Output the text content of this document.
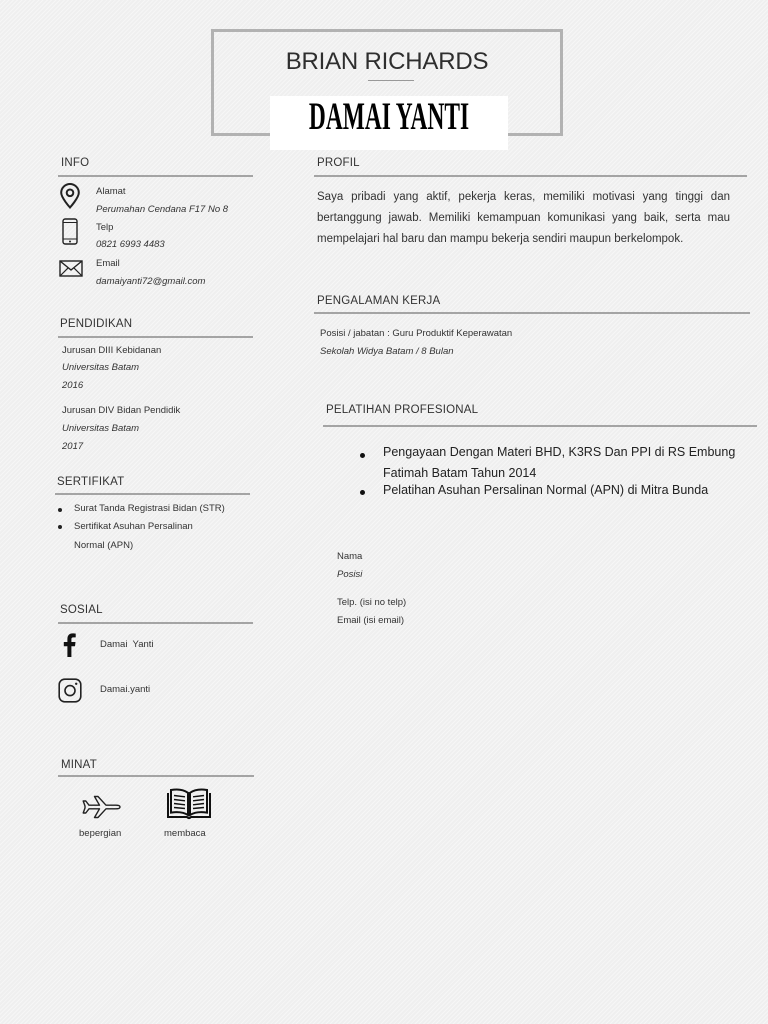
BRIAN RICHARDS
DAMAI YANTI
INFO
Alamat
Perumahan Cendana F17 No 8
Telp
0821 6993 4483
Email
damaiyanti72@gmail.com
PENDIDIKAN
Jurusan DIII Kebidanan
Universitas Batam
2016
Jurusan DIV Bidan Pendidik
Universitas Batam
2017
SERTIFIKAT
Surat Tanda Registrasi Bidan (STR)
Sertifikat Asuhan Persalinan
Normal (APN)
SOSIAL
Damai  Yanti
Damai.yanti
MINAT
bepergian	membaca
PROFIL
Saya pribadi yang aktif, pekerja keras, memiliki motivasi yang tinggi dan
bertanggung jawab. Memiliki kemampuan komunikasi yang baik, serta mau
mempelajari hal baru dan mampu bekerja sendiri maupun berkelompok.
PENGALAMAN KERJA
Posisi / jabatan : Guru Produktif Keperawatan
Sekolah Widya Batam / 8 Bulan
PELATIHAN PROFESIONAL
Pengayaan Dengan Materi BHD, K3RS Dan PPI di RS Embung
Fatimah Batam Tahun 2014
Pelatihan Asuhan Persalinan Normal (APN) di Mitra Bunda
Nama
Posisi
Telp. (isi no telp)
Email (isi email)
